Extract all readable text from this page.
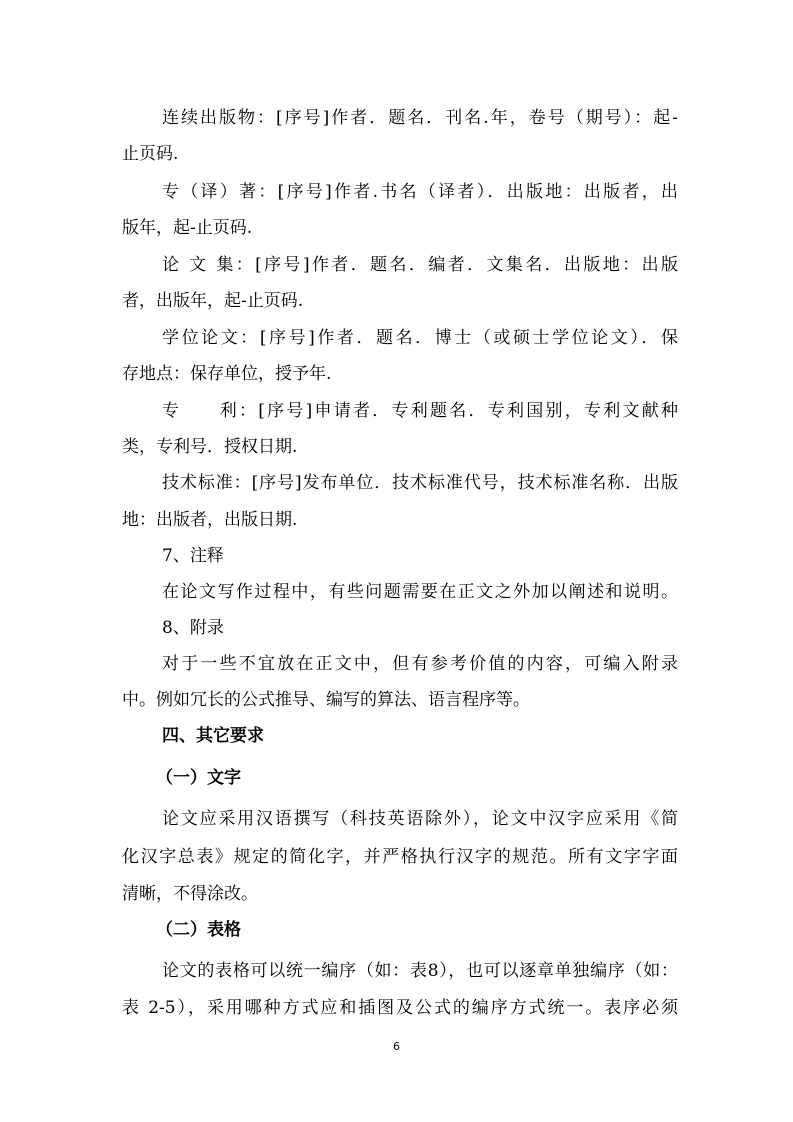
连续出版物：[序号]作者．题名．刊名.年，卷号（期号）：起-
止页码.
专（译）著：[序号]作者.书名（译者）．出版地：出版者，出
版年，起-止页码.
论 文 集：[序号]作者．题名．编者．文集名．出版地：出版
者，出版年，起-止页码.
学位论文：[序号]作者．题名．博士（或硕士学位论文）．保
存地点：保存单位，授予年.
专　　利：[序号]申请者．专利题名．专利国别，专利文献种
类，专利号．授权日期.
技术标准：[序号]发布单位．技术标准代号，技术标准名称．出版
地：出版者，出版日期.
7、注释
在论文写作过程中，有些问题需要在正文之外加以阐述和说明。
8、附录
对于一些不宜放在正文中，但有参考价值的内容，可编入附录
中。例如冗长的公式推导、编写的算法、语言程序等。
四、其它要求
（一）文字
论文应采用汉语撰写（科技英语除外），论文中汉字应采用《简
化汉字总表》规定的简化字，并严格执行汉字的规范。所有文字字面
清晰，不得涂改。
（二）表格
论文的表格可以统一编序（如：表8），也可以逐章单独编序（如：
表 2-5），采用哪种方式应和插图及公式的编序方式统一。表序必须
6
